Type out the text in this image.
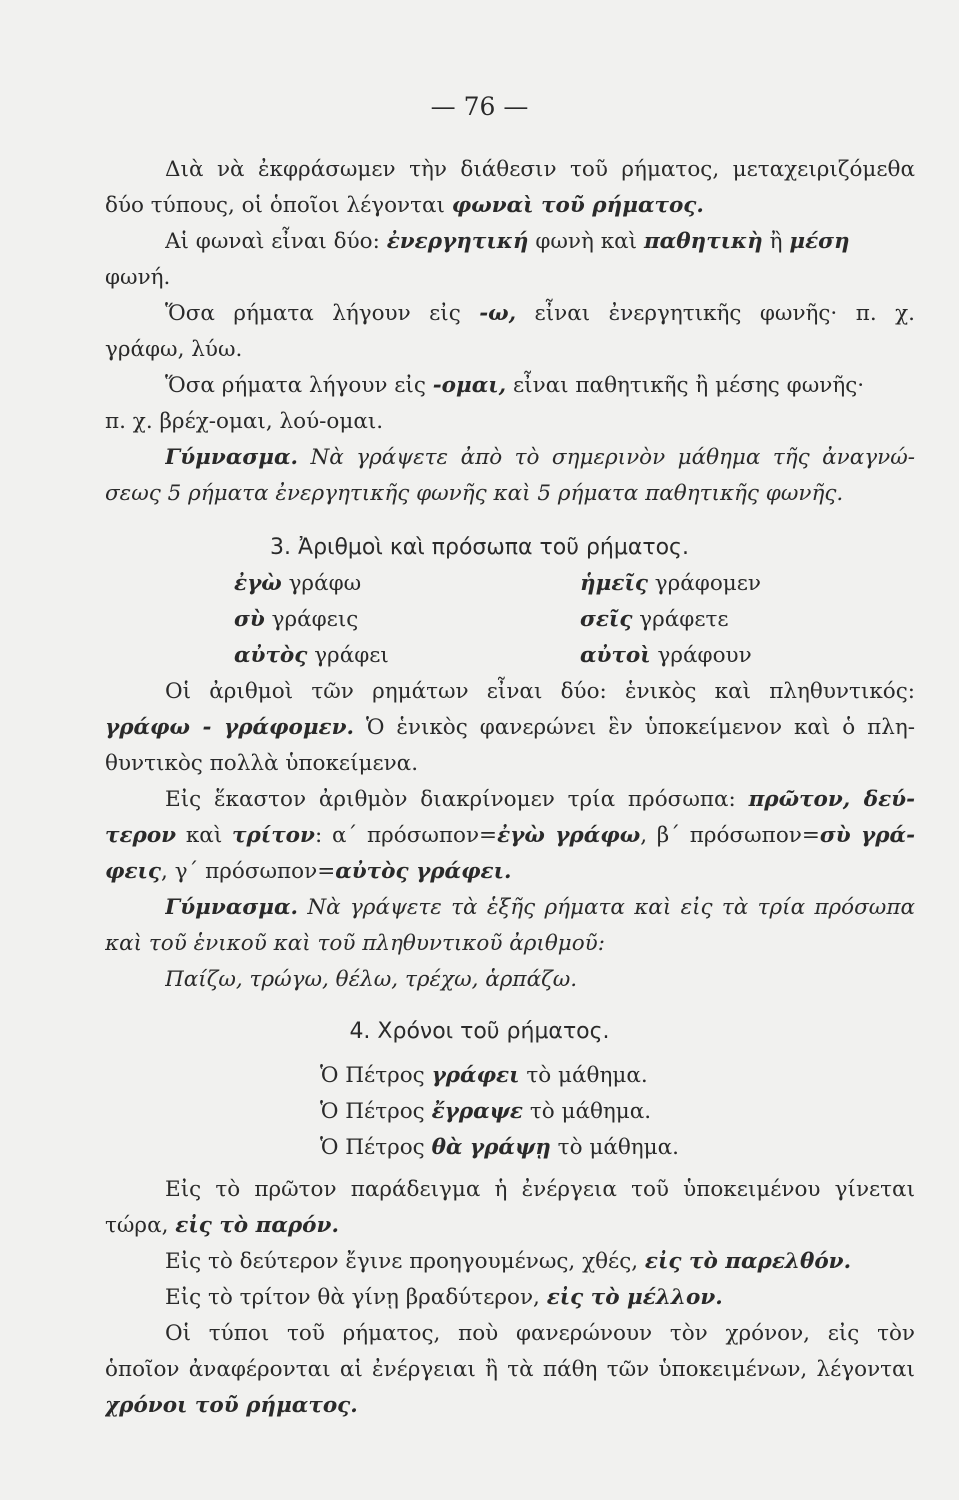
— 76 —
Διὰ νὰ ἐκφράσωμεν τὴν διάθεσιν τοῦ ρήματος, μεταχειριζόμεθα
δύο τύπους, οἱ ὁποῖοι λέγονται φωναὶ τοῦ ρήματος.
Αἱ φωναὶ εἶναι δύο: ἐνεργητική φωνὴ καὶ παθητικὴ ἢ μέση
φωνή.
Ὅσα ρήματα λήγουν εἰς -ω, εἶναι ἐνεργητικῆς φωνῆς· π. χ.
γράφω, λύω.
Ὅσα ρήματα λήγουν εἰς -ομαι, εἶναι παθητικῆς ἢ μέσης φωνῆς·
π. χ. βρέχ-ομαι, λού-ομαι.
Γύμνασμα. Νὰ γράψετε ἀπὸ τὸ σημερινὸν μάθημα τῆς ἀναγνώ-
σεως 5 ρήματα ἐνεργητικῆς φωνῆς καὶ 5 ρήματα παθητικῆς φωνῆς.
3. Ἀριθμοὶ καὶ πρόσωπα τοῦ ρήματος.
ἐγὼ γράφω	ἡμεῖς γράφομεν
σὺ γράφεις	σεῖς γράφετε
αὐτὸς γράφει	αὐτοὶ γράφουν
Οἱ ἀριθμοὶ τῶν ρημάτων εἶναι δύο: ἑνικὸς καὶ πληθυντικός:
γράφω - γράφομεν. Ὁ ἑνικὸς φανερώνει ἓν ὑποκείμενον καὶ ὁ πλη-
θυντικὸς πολλὰ ὑποκείμενα.
Εἰς ἕκαστον ἀριθμὸν διακρίνομεν τρία πρόσωπα: πρῶτον, δεύ-
τερον καὶ τρίτον: α΄ πρόσωπον=ἐγὼ γράφω, β΄ πρόσωπον=σὺ γρά-
φεις, γ΄ πρόσωπον=αὐτὸς γράφει.
Γύμνασμα. Νὰ γράψετε τὰ ἑξῆς ρήματα καὶ εἰς τὰ τρία πρόσωπα
καὶ τοῦ ἑνικοῦ καὶ τοῦ πληθυντικοῦ ἀριθμοῦ:
Παίζω, τρώγω, θέλω, τρέχω, ἁρπάζω.
4. Χρόνοι τοῦ ρήματος.
Ὁ Πέτρος γράφει τὸ μάθημα.
Ὁ Πέτρος ἔγραψε τὸ μάθημα.
Ὁ Πέτρος θὰ γράψῃ τὸ μάθημα.
Εἰς τὸ πρῶτον παράδειγμα ἡ ἐνέργεια τοῦ ὑποκειμένου γίνεται
τώρα, εἰς τὸ παρόν.
Εἰς τὸ δεύτερον ἔγινε προηγουμένως, χθές, εἰς τὸ παρελθόν.
Εἰς τὸ τρίτον θὰ γίνῃ βραδύτερον, εἰς τὸ μέλλον.
Οἱ τύποι τοῦ ρήματος, ποὺ φανερώνουν τὸν χρόνον, εἰς τὸν
ὁποῖον ἀναφέρονται αἱ ἐνέργειαι ἢ τὰ πάθη τῶν ὑποκειμένων, λέγονται
χρόνοι τοῦ ρήματος.
